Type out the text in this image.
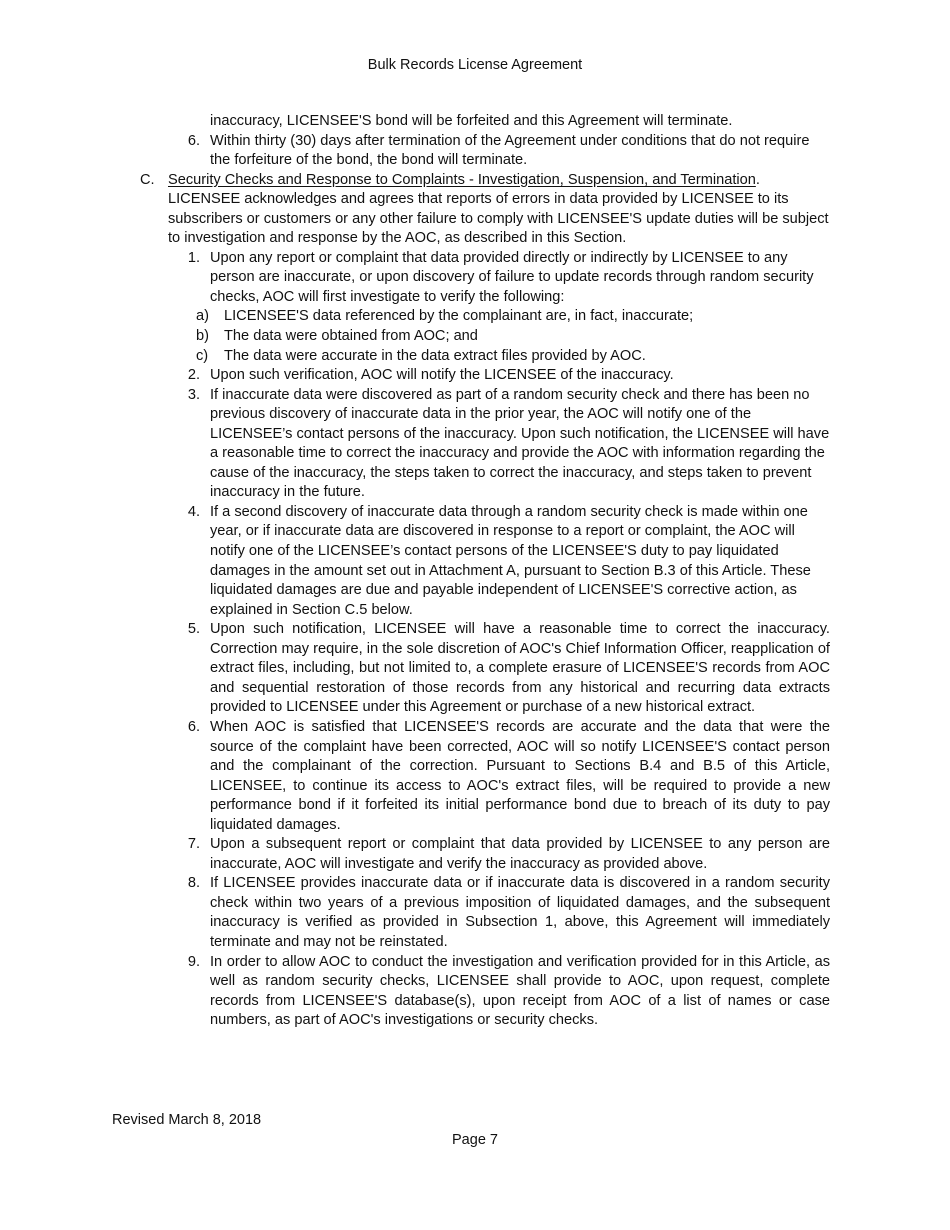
Bulk Records License Agreement
inaccuracy, LICENSEE'S bond will be forfeited and this Agreement will terminate.
6. Within thirty (30) days after termination of the Agreement under conditions that do not require the forfeiture of the bond, the bond will terminate.
C. Security Checks and Response to Complaints - Investigation, Suspension, and Termination. LICENSEE acknowledges and agrees that reports of errors in data provided by LICENSEE to its subscribers or customers or any other failure to comply with LICENSEE'S update duties will be subject to investigation and response by the AOC, as described in this Section.
1. Upon any report or complaint that data provided directly or indirectly by LICENSEE to any person are inaccurate, or upon discovery of failure to update records through random security checks, AOC will first investigate to verify the following:
a)	LICENSEE'S data referenced by the complainant are, in fact, inaccurate;
b)	The data were obtained from AOC; and
c)	The data were accurate in the data extract files provided by AOC.
2. Upon such verification, AOC will notify the LICENSEE of the inaccuracy.
3. If inaccurate data were discovered as part of a random security check and there has been no previous discovery of inaccurate data in the prior year, the AOC will notify one of the LICENSEE’s contact persons of the inaccuracy. Upon such notification, the LICENSEE will have a reasonable time to correct the inaccuracy and provide the AOC with information regarding the cause of the inaccuracy, the steps taken to correct the inaccuracy, and steps taken to prevent inaccuracy in the future.
4. If a second discovery of inaccurate data through a random security check is made within one year, or if inaccurate data are discovered in response to a report or complaint, the AOC will notify one of the LICENSEE’s contact persons of the LICENSEE'S duty to pay liquidated damages in the amount set out in Attachment A, pursuant to Section B.3 of this Article. These liquidated damages are due and payable independent of LICENSEE'S corrective action, as explained in Section C.5 below.
5. Upon such notification, LICENSEE will have a reasonable time to correct the inaccuracy. Correction may require, in the sole discretion of AOC's Chief Information Officer, reapplication of extract files, including, but not limited to, a complete erasure of LICENSEE'S records from AOC and sequential restoration of those records from any historical and recurring data extracts provided to LICENSEE under this Agreement or purchase of a new historical extract.
6. When AOC is satisfied that LICENSEE'S records are accurate and the data that were the source of the complaint have been corrected, AOC will so notify LICENSEE'S contact person and the complainant of the correction. Pursuant to Sections B.4 and B.5 of this Article, LICENSEE, to continue its access to AOC's extract files, will be required to provide a new performance bond if it forfeited its initial performance bond due to breach of its duty to pay liquidated damages.
7. Upon a subsequent report or complaint that data provided by LICENSEE to any person are inaccurate, AOC will investigate and verify the inaccuracy as provided above.
8. If LICENSEE provides inaccurate data or if inaccurate data is discovered in a random security check within two years of a previous imposition of liquidated damages, and the subsequent inaccuracy is verified as provided in Subsection 1, above, this Agreement will immediately terminate and may not be reinstated.
9. In order to allow AOC to conduct the investigation and verification provided for in this Article, as well as random security checks, LICENSEE shall provide to AOC, upon request, complete records from LICENSEE'S database(s), upon receipt from AOC of a list of names or case numbers, as part of AOC's investigations or security checks.
Revised March 8, 2018
Page 7
